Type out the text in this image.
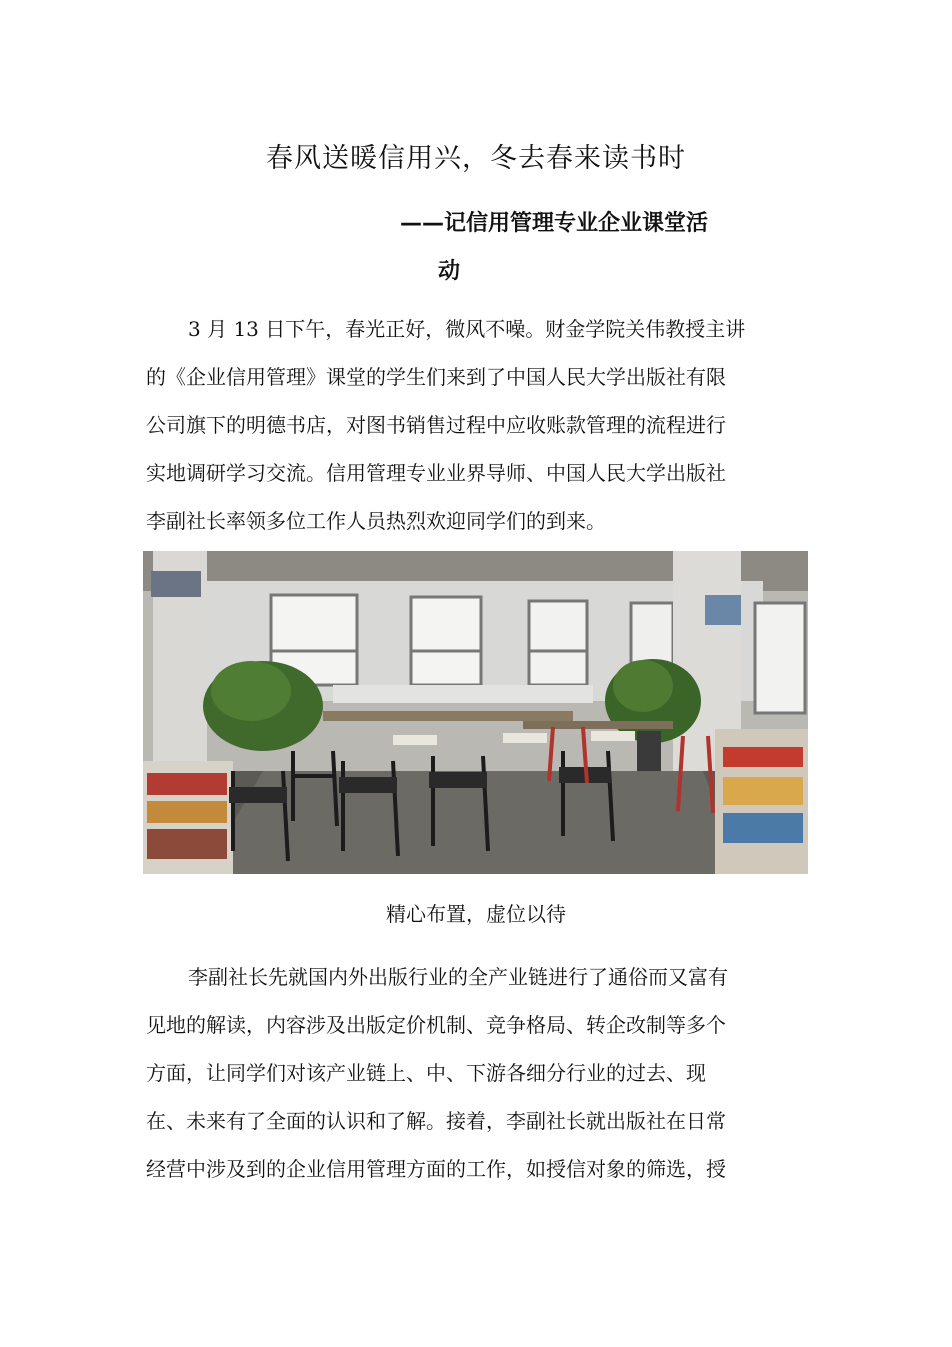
春风送暖信用兴，冬去春来读书时
——记信用管理专业企业课堂活

动
3 月 13 日下午，春光正好，微风不噪。财金学院关伟教授主讲
的《企业信用管理》课堂的学生们来到了中国人民大学出版社有限
公司旗下的明德书店，对图书销售过程中应收账款管理的流程进行
实地调研学习交流。信用管理专业业界导师、中国人民大学出版社
李副社长率领多位工作人员热烈欢迎同学们的到来。
精心布置，虚位以待
李副社长先就国内外出版行业的全产业链进行了通俗而又富有
见地的解读，内容涉及出版定价机制、竞争格局、转企改制等多个
方面，让同学们对该产业链上、中、下游各细分行业的过去、现
在、未来有了全面的认识和了解。接着，李副社长就出版社在日常
经营中涉及到的企业信用管理方面的工作，如授信对象的筛选，授
